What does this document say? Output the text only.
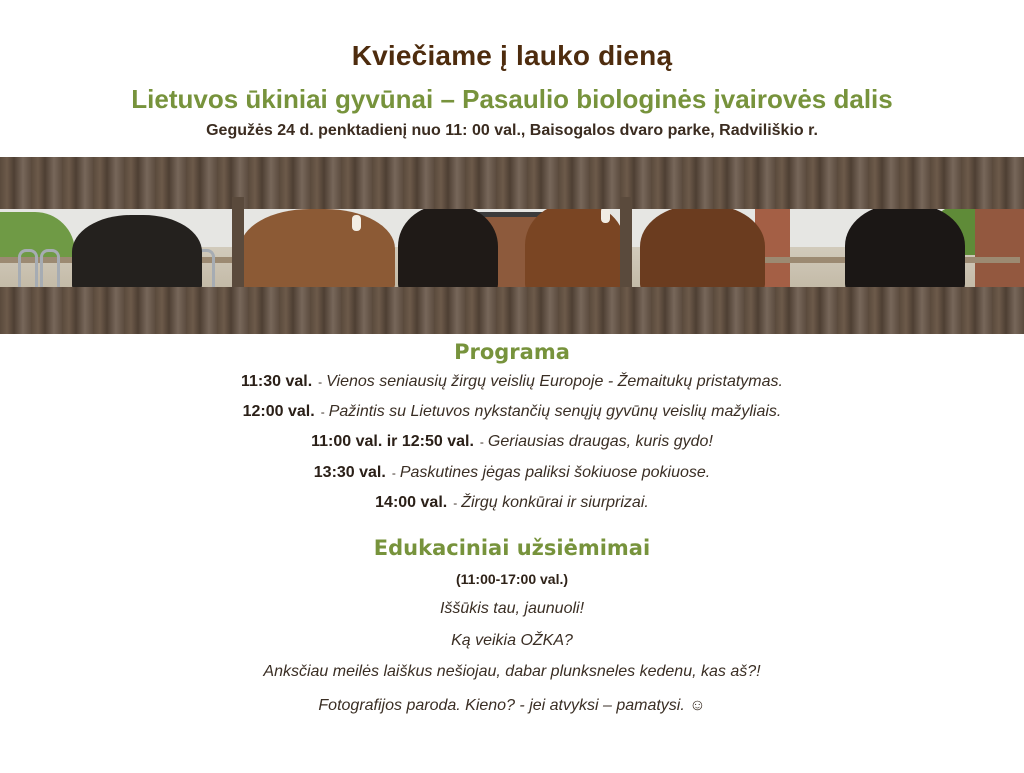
Kviečiame į lauko dieną
Lietuvos ūkiniai gyvūnai – Pasaulio biologinės įvairovės dalis
Gegužės 24 d. penktadienį nuo 11: 00 val., Baisogalos dvaro parke, Radviliškio r.
Programa
11:30 val. - Vienos seniausių žirgų veislių Europoje - Žemaitukų pristatymas.
12:00 val. - Pažintis su Lietuvos nykstančių senųjų gyvūnų veislių mažyliais.
11:00 val. ir 12:50 val. - Geriausias draugas, kuris gydo!
13:30 val. - Paskutines jėgas paliksi šokiuose pokiuose.
14:00 val. - Žirgų konkūrai ir siurprizai.
Edukaciniai užsiėmimai
(11:00-17:00 val.)
Iššūkis tau, jaunuoli!
Ką veikia OŽKA?
Anksčiau meilės laiškus nešiojau, dabar plunksneles kedenu, kas aš?!
Fotografijos paroda. Kieno? - jei atvyksi – pamatysi. ☺
